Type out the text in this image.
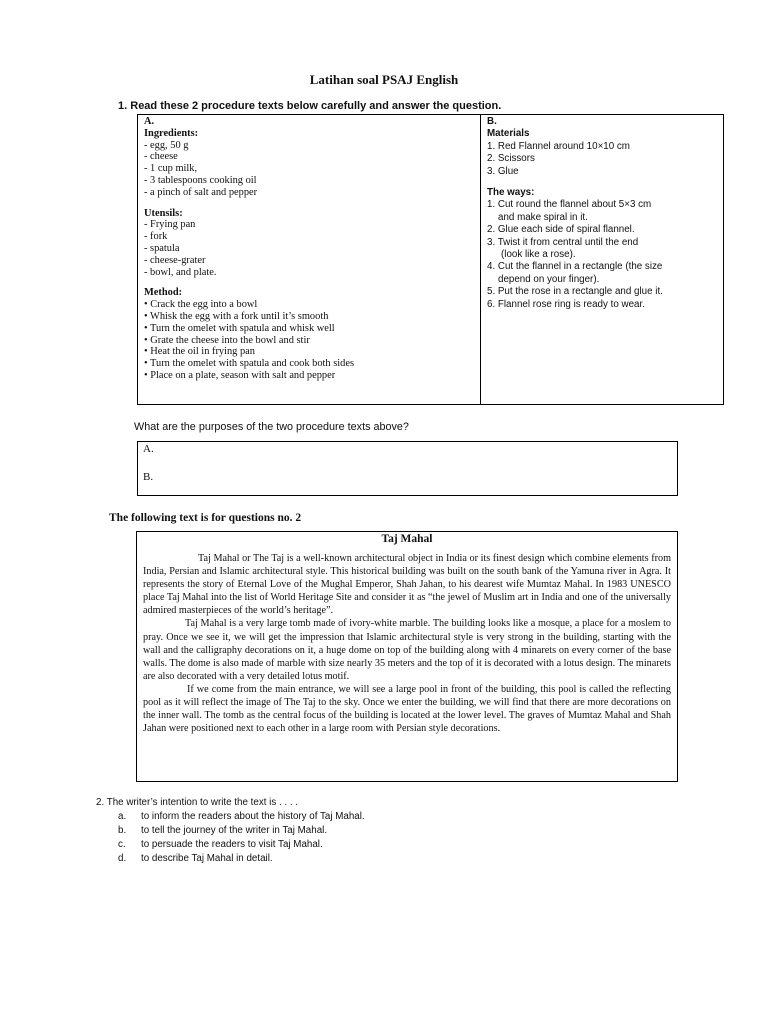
Latihan soal PSAJ English
1. Read these 2 procedure texts below carefully and answer the question.
A.
Ingredients:
- egg, 50 g
- cheese
- 1 cup milk,
- 3 tablespoons cooking oil
- a pinch of salt and pepper
Utensils:
- Frying pan
- fork
- spatula
- cheese-grater
- bowl, and plate.
Method:
• Crack the egg into a bowl
• Whisk the egg with a fork until it’s smooth
• Turn the omelet with spatula and whisk well
• Grate the cheese into the bowl and stir
• Heat the oil in frying pan
• Turn the omelet with spatula and cook both sides
• Place on a plate, season with salt and pepper
B.
Materials
1. Red Flannel around 10×10 cm
2. Scissors
3. Glue
The ways:
1. Cut round the flannel about 5×3 cm
and make spiral in it.
2. Glue each side of spiral flannel.
3. Twist it from central until the end
(look like a rose).
4. Cut the flannel in a rectangle (the size
depend on your finger).
5. Put the rose in a rectangle and glue it.
6. Flannel rose ring is ready to wear.
What are the purposes of the two procedure texts above?
A.
B.
The following text is for questions no. 2
Taj Mahal

Taj Mahal or The Taj is a well-known architectural object in India or its finest design which combine elements from India, Persian and Islamic architectural style. This historical building was built on the south bank of the Yamuna river in Agra. It represents the story of Eternal Love of the Mughal Emperor, Shah Jahan, to his dearest wife Mumtaz Mahal. In 1983 UNESCO place Taj Mahal into the list of World Heritage Site and consider it as “the jewel of Muslim art in India and one of the universally admired masterpieces of the world’s heritage”.

Taj Mahal is a very large tomb made of ivory-white marble. The building looks like a mosque, a place for a moslem to pray. Once we see it, we will get the impression that Islamic architectural style is very strong in the building, starting with the wall and the calligraphy decorations on it, a huge dome on top of the building along with 4 minarets on every corner of the base walls. The dome is also made of marble with size nearly 35 meters and the top of it is decorated with a lotus design. The minarets are also decorated with a very detailed lotus motif.

If we come from the main entrance, we will see a large pool in front of the building, this pool is called the reflecting pool as it will reflect the image of The Taj to the sky. Once we enter the building, we will find that there are more decorations on the inner wall. The tomb as the central focus of the building is located at the lower level. The graves of Mumtaz Mahal and Shah Jahan were positioned next to each other in a large room with Persian style decorations.

2. The writer’s intention to write the text is . . . .
a. to inform the readers about the history of Taj Mahal.
b. to tell the journey of the writer in Taj Mahal.
c. to persuade the readers to visit Taj Mahal.
d. to describe Taj Mahal in detail.
